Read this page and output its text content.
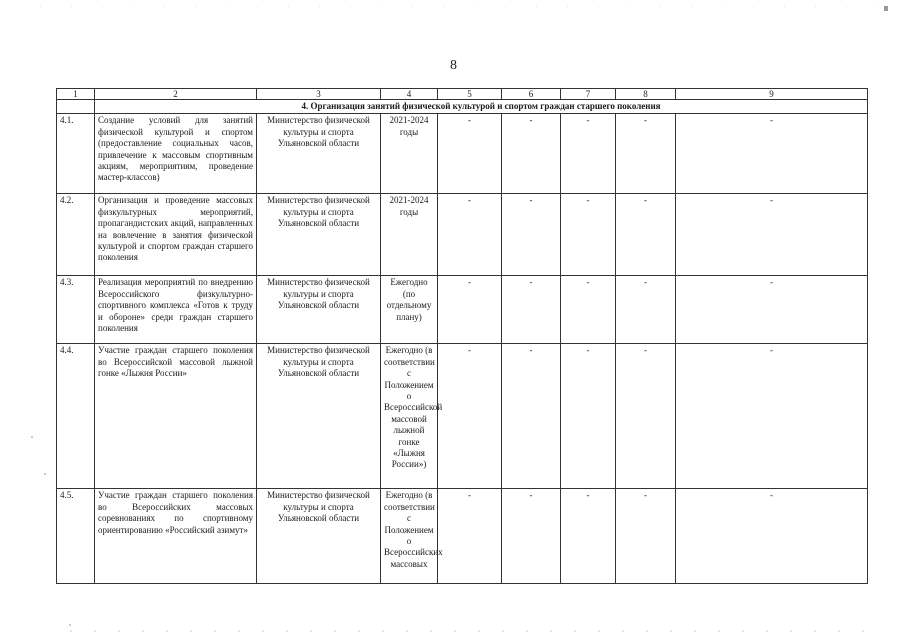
8
1	2	3	4	5	6	7	8	9
	4. Организация занятий физической культурой и спортом граждан старшего поколения							
4.1.	Создание условий для занятий физической культурой и спортом (предоставление социальных часов, привлечение к массовым спортивным акциям, мероприятиям, проведение мастер-классов)	Министерство физической культуры и спорта Ульяновской области	2021-2024 годы	-	-	-	-	-
4.2.	Организация и проведение массовых физкультурных мероприятий, пропагандистских акций, направленных на вовлечение в занятия физической культурой и спортом граждан старшего поколения	Министерство физической культуры и спорта Ульяновской области	2021-2024 годы	-	-	-	-	-
4.3.	Реализация мероприятий по внедрению Всероссийского физкультурно-спортивного комплекса «Готов к труду и обороне» среди граждан старшего поколения	Министерство физической культуры и спорта Ульяновской области	Ежегодно (по отдельному плану)	-	-	-	-	-
4.4.	Участие граждан старшего поколения во Всероссийской массовой лыжной гонке «Лыжня России»	Министерство физической культуры и спорта Ульяновской области	Ежегодно (в соответствии с Положением о Всероссийской массовой лыжной гонке «Лыжня России»)	-	-	-	-	-
4.5.	Участие граждан старшего поколения во Всероссийских массовых соревнованиях по спортивному ориентированию «Российский азимут»	Министерство физической культуры и спорта Ульяновской области	Ежегодно (в соответствии с Положением о Всероссийских массовых	-	-	-	-	-
